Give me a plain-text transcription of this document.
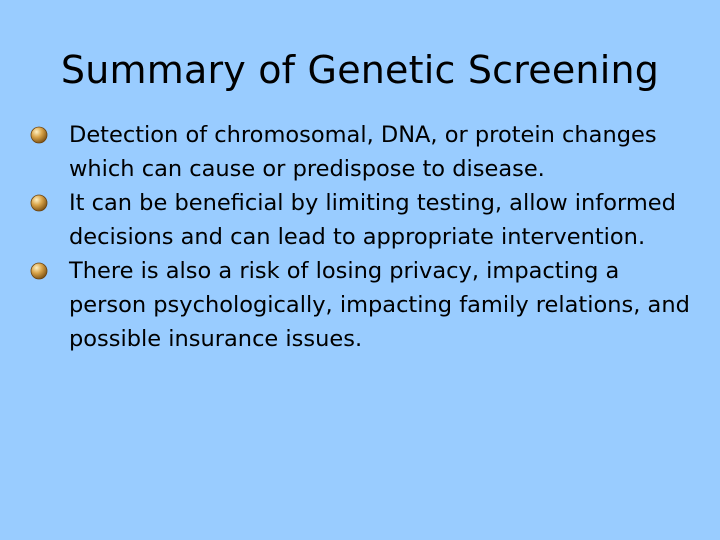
Summary of Genetic Screening
Detection of chromosomal, DNA, or protein changes which can cause or predispose to disease.
It can be beneficial by limiting testing, allow informed decisions and can lead to appropriate intervention.
There is also a risk of losing privacy, impacting a person psychologically, impacting family relations, and possible insurance issues.
